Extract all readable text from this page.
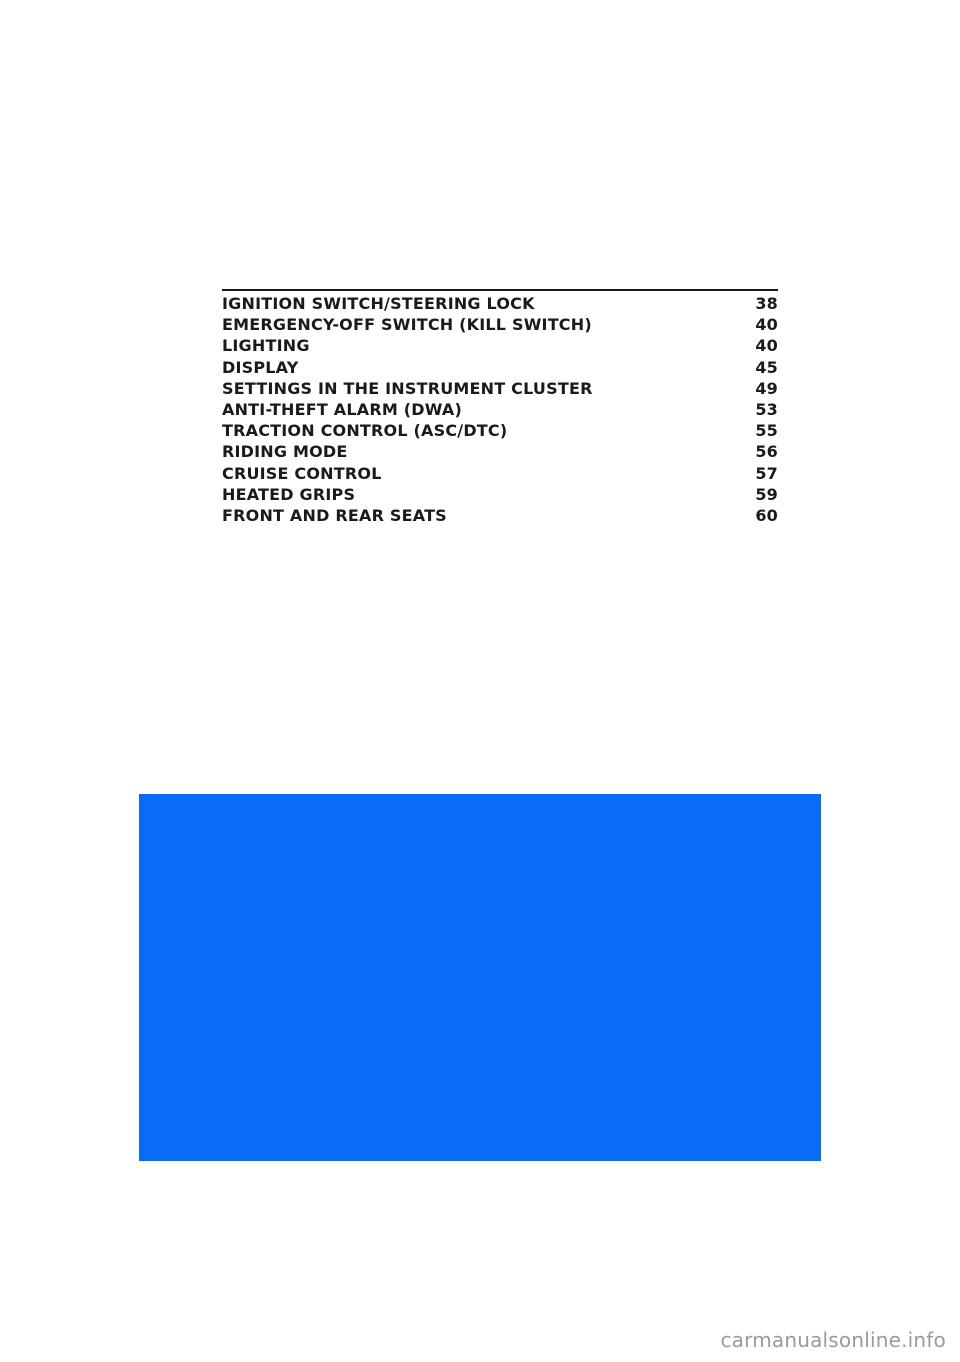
IGNITION SWITCH/STEERING LOCK	38
EMERGENCY-OFF SWITCH (KILL SWITCH)	40
LIGHTING	40
DISPLAY	45
SETTINGS IN THE INSTRUMENT CLUSTER	49
ANTI-THEFT ALARM (DWA)	53
TRACTION CONTROL (ASC/DTC)	55
RIDING MODE	56
CRUISE CONTROL	57
HEATED GRIPS	59
FRONT AND REAR SEATS	60
carmanualsonline.info
